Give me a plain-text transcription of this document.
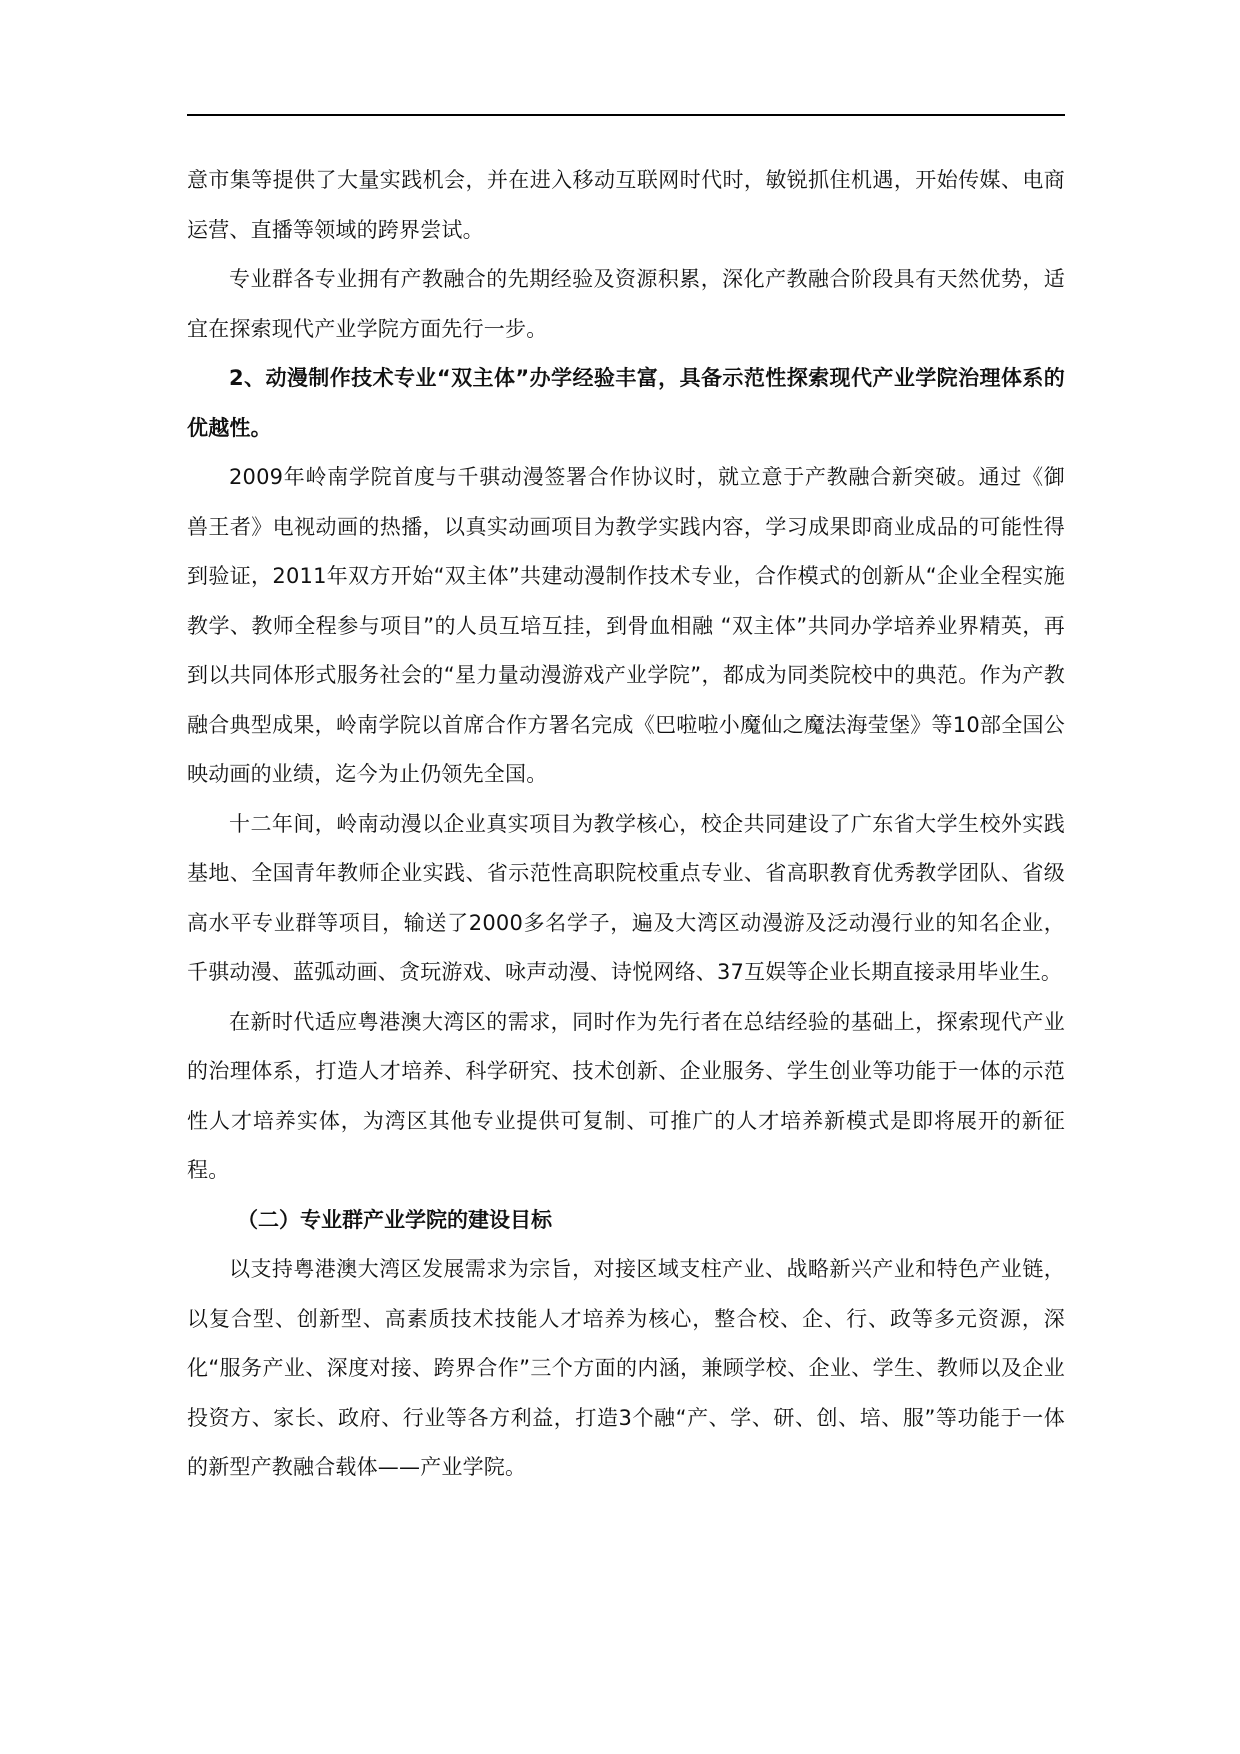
意市集等提供了大量实践机会，并在进入移动互联网时代时，敏锐抓住机遇，开始传媒、电商运营、直播等领域的跨界尝试。

专业群各专业拥有产教融合的先期经验及资源积累，深化产教融合阶段具有天然优势，适宜在探索现代产业学院方面先行一步。

2、动漫制作技术专业“双主体”办学经验丰富，具备示范性探索现代产业学院治理体系的优越性。

2009年岭南学院首度与千骐动漫签署合作协议时，就立意于产教融合新突破。通过《御兽王者》电视动画的热播，以真实动画项目为教学实践内容，学习成果即商业成品的可能性得到验证，2011年双方开始“双主体”共建动漫制作技术专业，合作模式的创新从“企业全程实施教学、教师全程参与项目”的人员互培互挂，到骨血相融 “双主体”共同办学培养业界精英，再到以共同体形式服务社会的“星力量动漫游戏产业学院”，都成为同类院校中的典范。作为产教融合典型成果，岭南学院以首席合作方署名完成《巴啦啦小魔仙之魔法海莹堡》等10部全国公映动画的业绩，迄今为止仍领先全国。

十二年间，岭南动漫以企业真实项目为教学核心，校企共同建设了广东省大学生校外实践基地、全国青年教师企业实践、省示范性高职院校重点专业、省高职教育优秀教学团队、省级高水平专业群等项目，输送了2000多名学子，遍及大湾区动漫游及泛动漫行业的知名企业，千骐动漫、蓝弧动画、贪玩游戏、咏声动漫、诗悦网络、37互娱等企业长期直接录用毕业生。

在新时代适应粤港澳大湾区的需求，同时作为先行者在总结经验的基础上，探索现代产业的治理体系，打造人才培养、科学研究、技术创新、企业服务、学生创业等功能于一体的示范性人才培养实体，为湾区其他专业提供可复制、可推广的人才培养新模式是即将展开的新征程。

（二）专业群产业学院的建设目标

以支持粤港澳大湾区发展需求为宗旨，对接区域支柱产业、战略新兴产业和特色产业链，以复合型、创新型、高素质技术技能人才培养为核心，整合校、企、行、政等多元资源，深化“服务产业、深度对接、跨界合作”三个方面的内涵，兼顾学校、企业、学生、教师以及企业投资方、家长、政府、行业等各方利益，打造3个融“产、学、研、创、培、服”等功能于一体的新型产教融合载体——产业学院。
